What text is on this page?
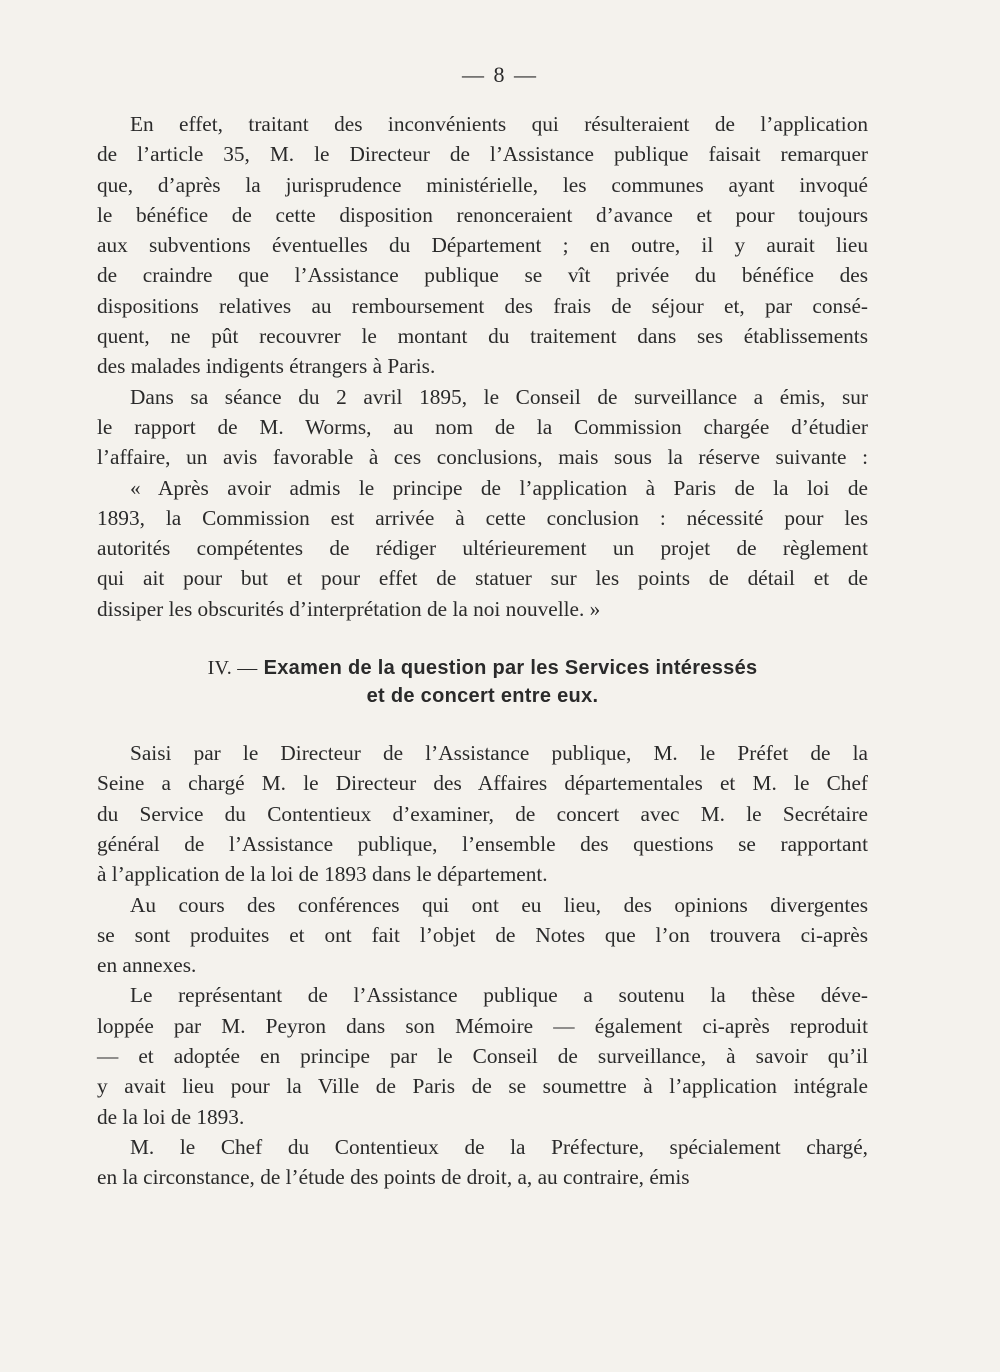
— 8 —
En effet, traitant des inconvénients qui résulteraient de l’application
de l’article 35, M. le Directeur de l’Assistance publique faisait remarquer
que, d’après la jurisprudence ministérielle, les communes ayant invoqué
le bénéfice de cette disposition renonceraient d’avance et pour toujours
aux subventions éventuelles du Département ; en outre, il y aurait lieu
de craindre que l’Assistance publique se vît privée du bénéfice des
dispositions relatives au remboursement des frais de séjour et, par consé-
quent, ne pût recouvrer le montant du traitement dans ses établissements
des malades indigents étrangers à Paris.
Dans sa séance du 2 avril 1895, le Conseil de surveillance a émis, sur
le rapport de M. Worms, au nom de la Commission chargée d’étudier
l’affaire, un avis favorable à ces conclusions, mais sous la réserve suivante :
« Après avoir admis le principe de l’application à Paris de la loi de
1893, la Commission est arrivée à cette conclusion : nécessité pour les
autorités compétentes de rédiger ultérieurement un projet de règlement
qui ait pour but et pour effet de statuer sur les points de détail et de
dissiper les obscurités d’interprétation de la noi nouvelle. »
IV. — Examen de la question par les Services intéressés
et de concert entre eux.
Saisi par le Directeur de l’Assistance publique, M. le Préfet de la
Seine a chargé M. le Directeur des Affaires départementales et M. le Chef
du Service du Contentieux d’examiner, de concert avec M. le Secrétaire
général de l’Assistance publique, l’ensemble des questions se rapportant
à l’application de la loi de 1893 dans le département.
Au cours des conférences qui ont eu lieu, des opinions divergentes
se sont produites et ont fait l’objet de Notes que l’on trouvera ci-après
en annexes.
Le représentant de l’Assistance publique a soutenu la thèse déve-
loppée par M. Peyron dans son Mémoire — également ci-après reproduit
— et adoptée en principe par le Conseil de surveillance, à savoir qu’il
y avait lieu pour la Ville de Paris de se soumettre à l’application intégrale
de la loi de 1893.
M. le Chef du Contentieux de la Préfecture, spécialement chargé,
en la circonstance, de l’étude des points de droit, a, au contraire, émis
